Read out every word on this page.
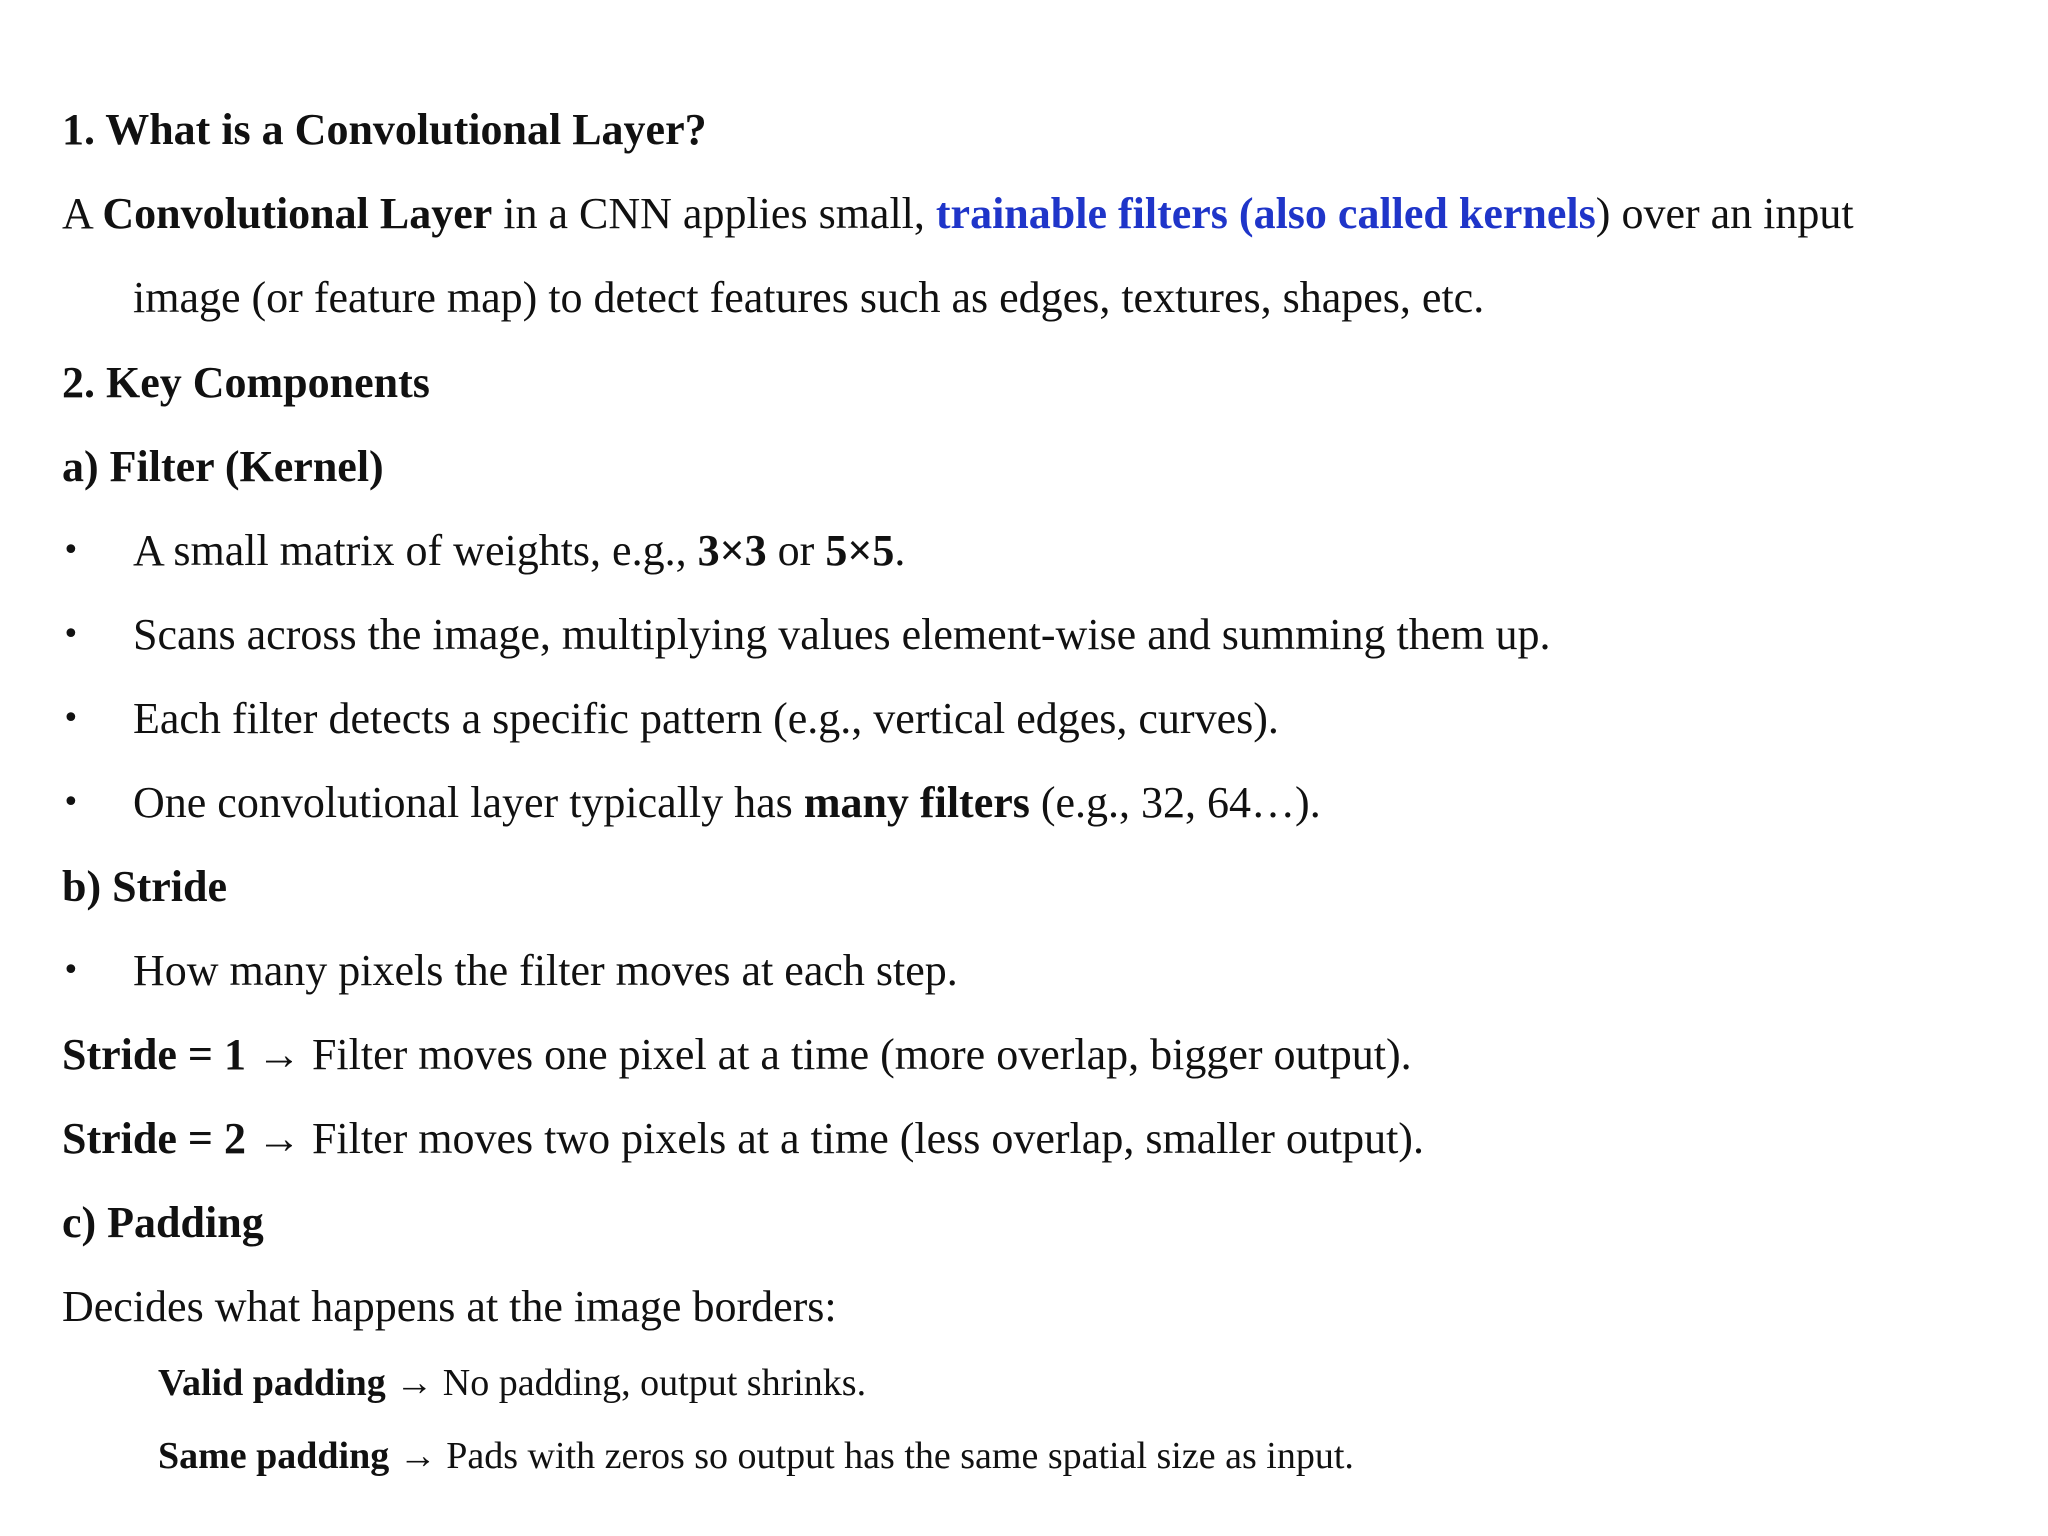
1. What is a Convolutional Layer?
A Convolutional Layer in a CNN applies small, trainable filters (also called kernels) over an input
image (or feature map) to detect features such as edges, textures, shapes, etc.
2. Key Components
a) Filter (Kernel)
• A small matrix of weights, e.g., 3×3 or 5×5.
• Scans across the image, multiplying values element-wise and summing them up.
• Each filter detects a specific pattern (e.g., vertical edges, curves).
• One convolutional layer typically has many filters (e.g., 32, 64…).
b) Stride
• How many pixels the filter moves at each step.
Stride = 1 → Filter moves one pixel at a time (more overlap, bigger output).
Stride = 2 → Filter moves two pixels at a time (less overlap, smaller output).
c) Padding
Decides what happens at the image borders:
Valid padding → No padding, output shrinks.
Same padding → Pads with zeros so output has the same spatial size as input.
